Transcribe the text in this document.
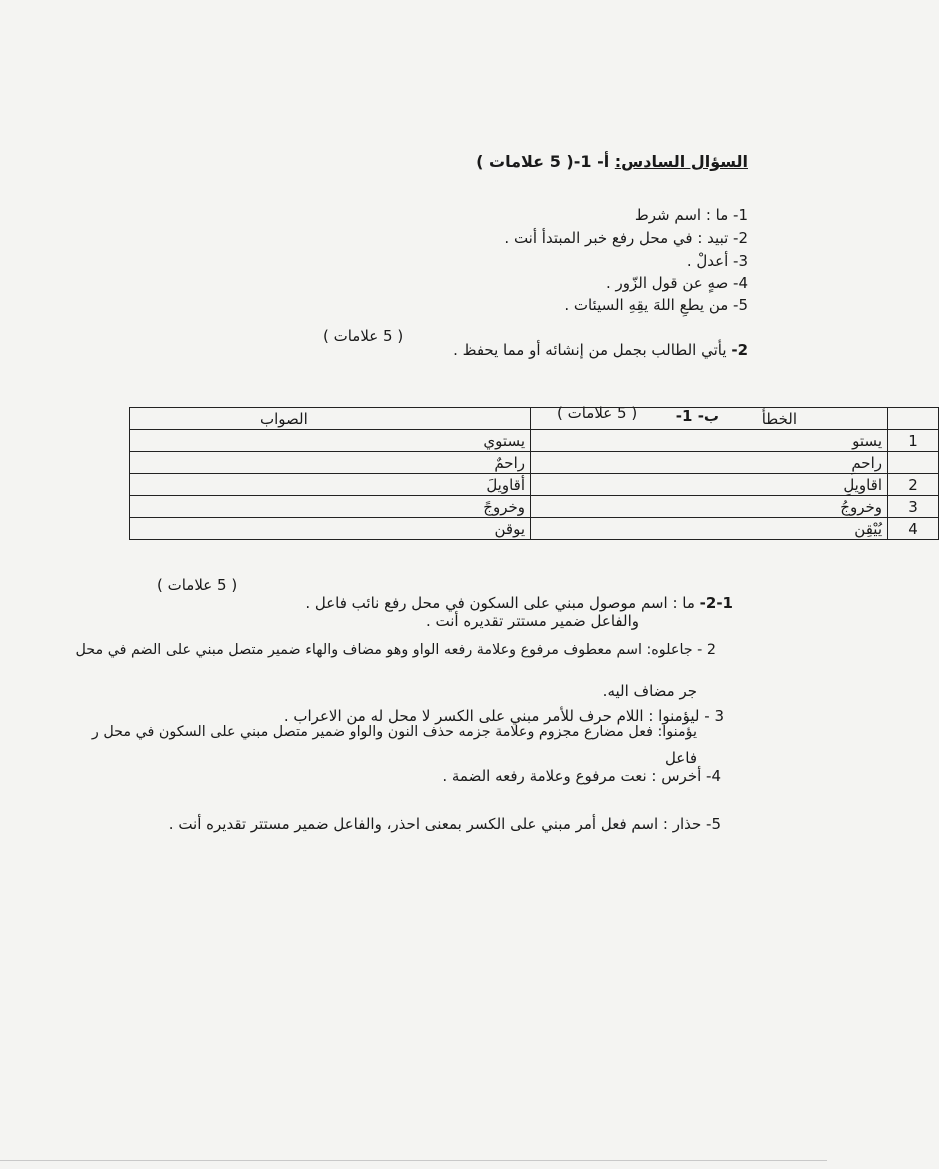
السؤال السادس: أ- 1-( 5 علامات )
1- ما : اسم شرط
2- تبيد : في محل رفع خبر المبتدأ أنت .
3- أعدلْ .
4- صهٍ عن قول الزّور .
5- من يطعِ اللهَ يقِهِ السيئات .
2- يأتي الطالب بجمل من إنشائه أو مما يحفظ .
( 5 علامات )
ب- 1-
( 5 علامات )
الصواب	الخطأ	
يستوي	يستو	1
راحمٌ	راحمِ	
أقاويلَ	اقاويلِ	2
وخروجً	وخروجُ	3
يوقن	يُيْقِن	4
2-1- ما : اسم موصول مبني على السكون في محل رفع نائب فاعل .
( 5 علامات )
والفاعل ضمير مستتر تقديره أنت .
2 - جاعلوه: اسم معطوف مرفوع وعلامة رفعه الواو وهو مضاف والهاء ضمير متصل مبني على الضم في محل
جر مضاف اليه.
3 - ليؤمنوا : اللام حرف للأمر مبني على الكسر لا محل له من الاعراب .
يؤمنوا: فعل مضارع مجزوم وعلامة جزمه حذف النون والواو ضمير متصل مبني على السكون في محل ر
فاعل
4- أخرس : نعت مرفوع وعلامة رفعه الضمة .
5- حذار : اسم فعل أمر مبني على الكسر بمعنى احذر، والفاعل ضمير مستتر تقديره أنت .
